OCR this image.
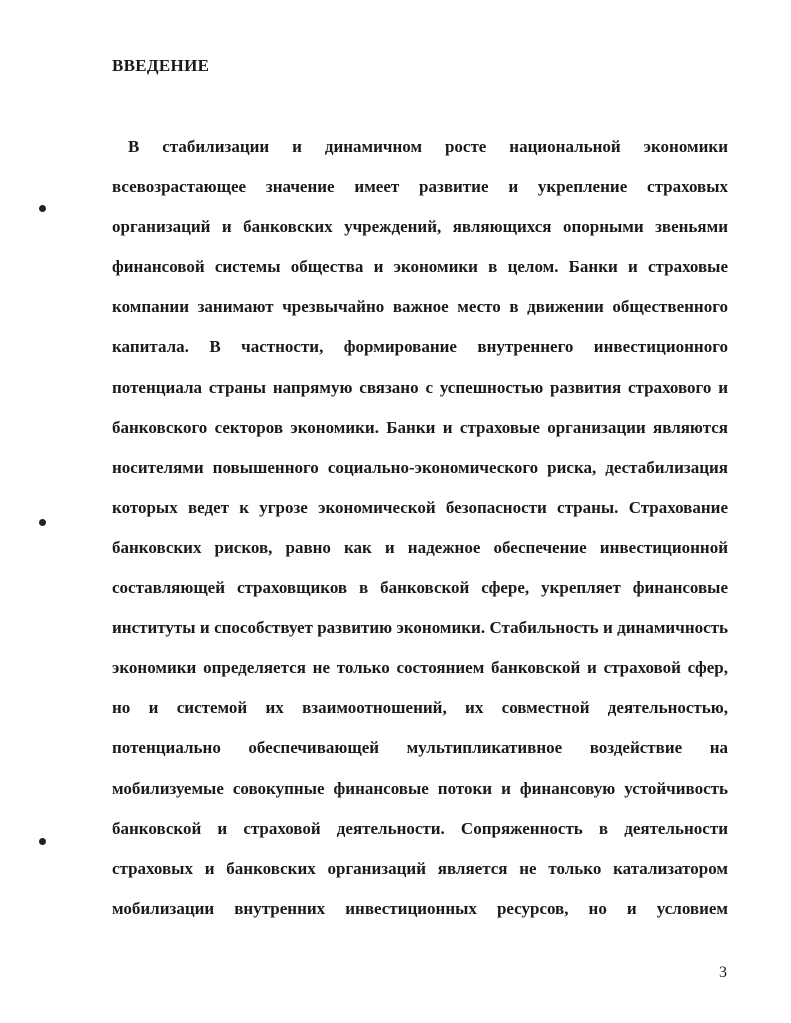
ВВЕДЕНИЕ
В стабилизации и динамичном росте национальной экономики
всевозрастающее значение имеет развитие и укрепление страховых
организаций и банковских учреждений, являющихся опорными звеньями
финансовой системы общества и экономики в целом. Банки и страховые
компании занимают чрезвычайно важное место в движении общественного
капитала. В частности, формирование внутреннего инвестиционного
потенциала страны напрямую связано с успешностью развития страхового и
банковского секторов экономики. Банки и страховые организации являются
носителями повышенного социально-экономического риска, дестабилизация
которых ведет к угрозе экономической безопасности страны. Страхование
банковских рисков, равно как и надежное обеспечение инвестиционной
составляющей страховщиков в банковской сфере, укрепляет финансовые
институты и способствует развитию экономики. Стабильность и динамичность
экономики определяется не только состоянием банковской и страховой сфер,
но и системой их взаимоотношений, их совместной деятельностью,
потенциально обеспечивающей мультипликативное воздействие на
мобилизуемые совокупные финансовые потоки и финансовую устойчивость
банковской и страховой деятельности. Сопряженность в деятельности
страховых и банковских организаций является не только катализатором
мобилизации внутренних инвестиционных ресурсов, но и условием
3
